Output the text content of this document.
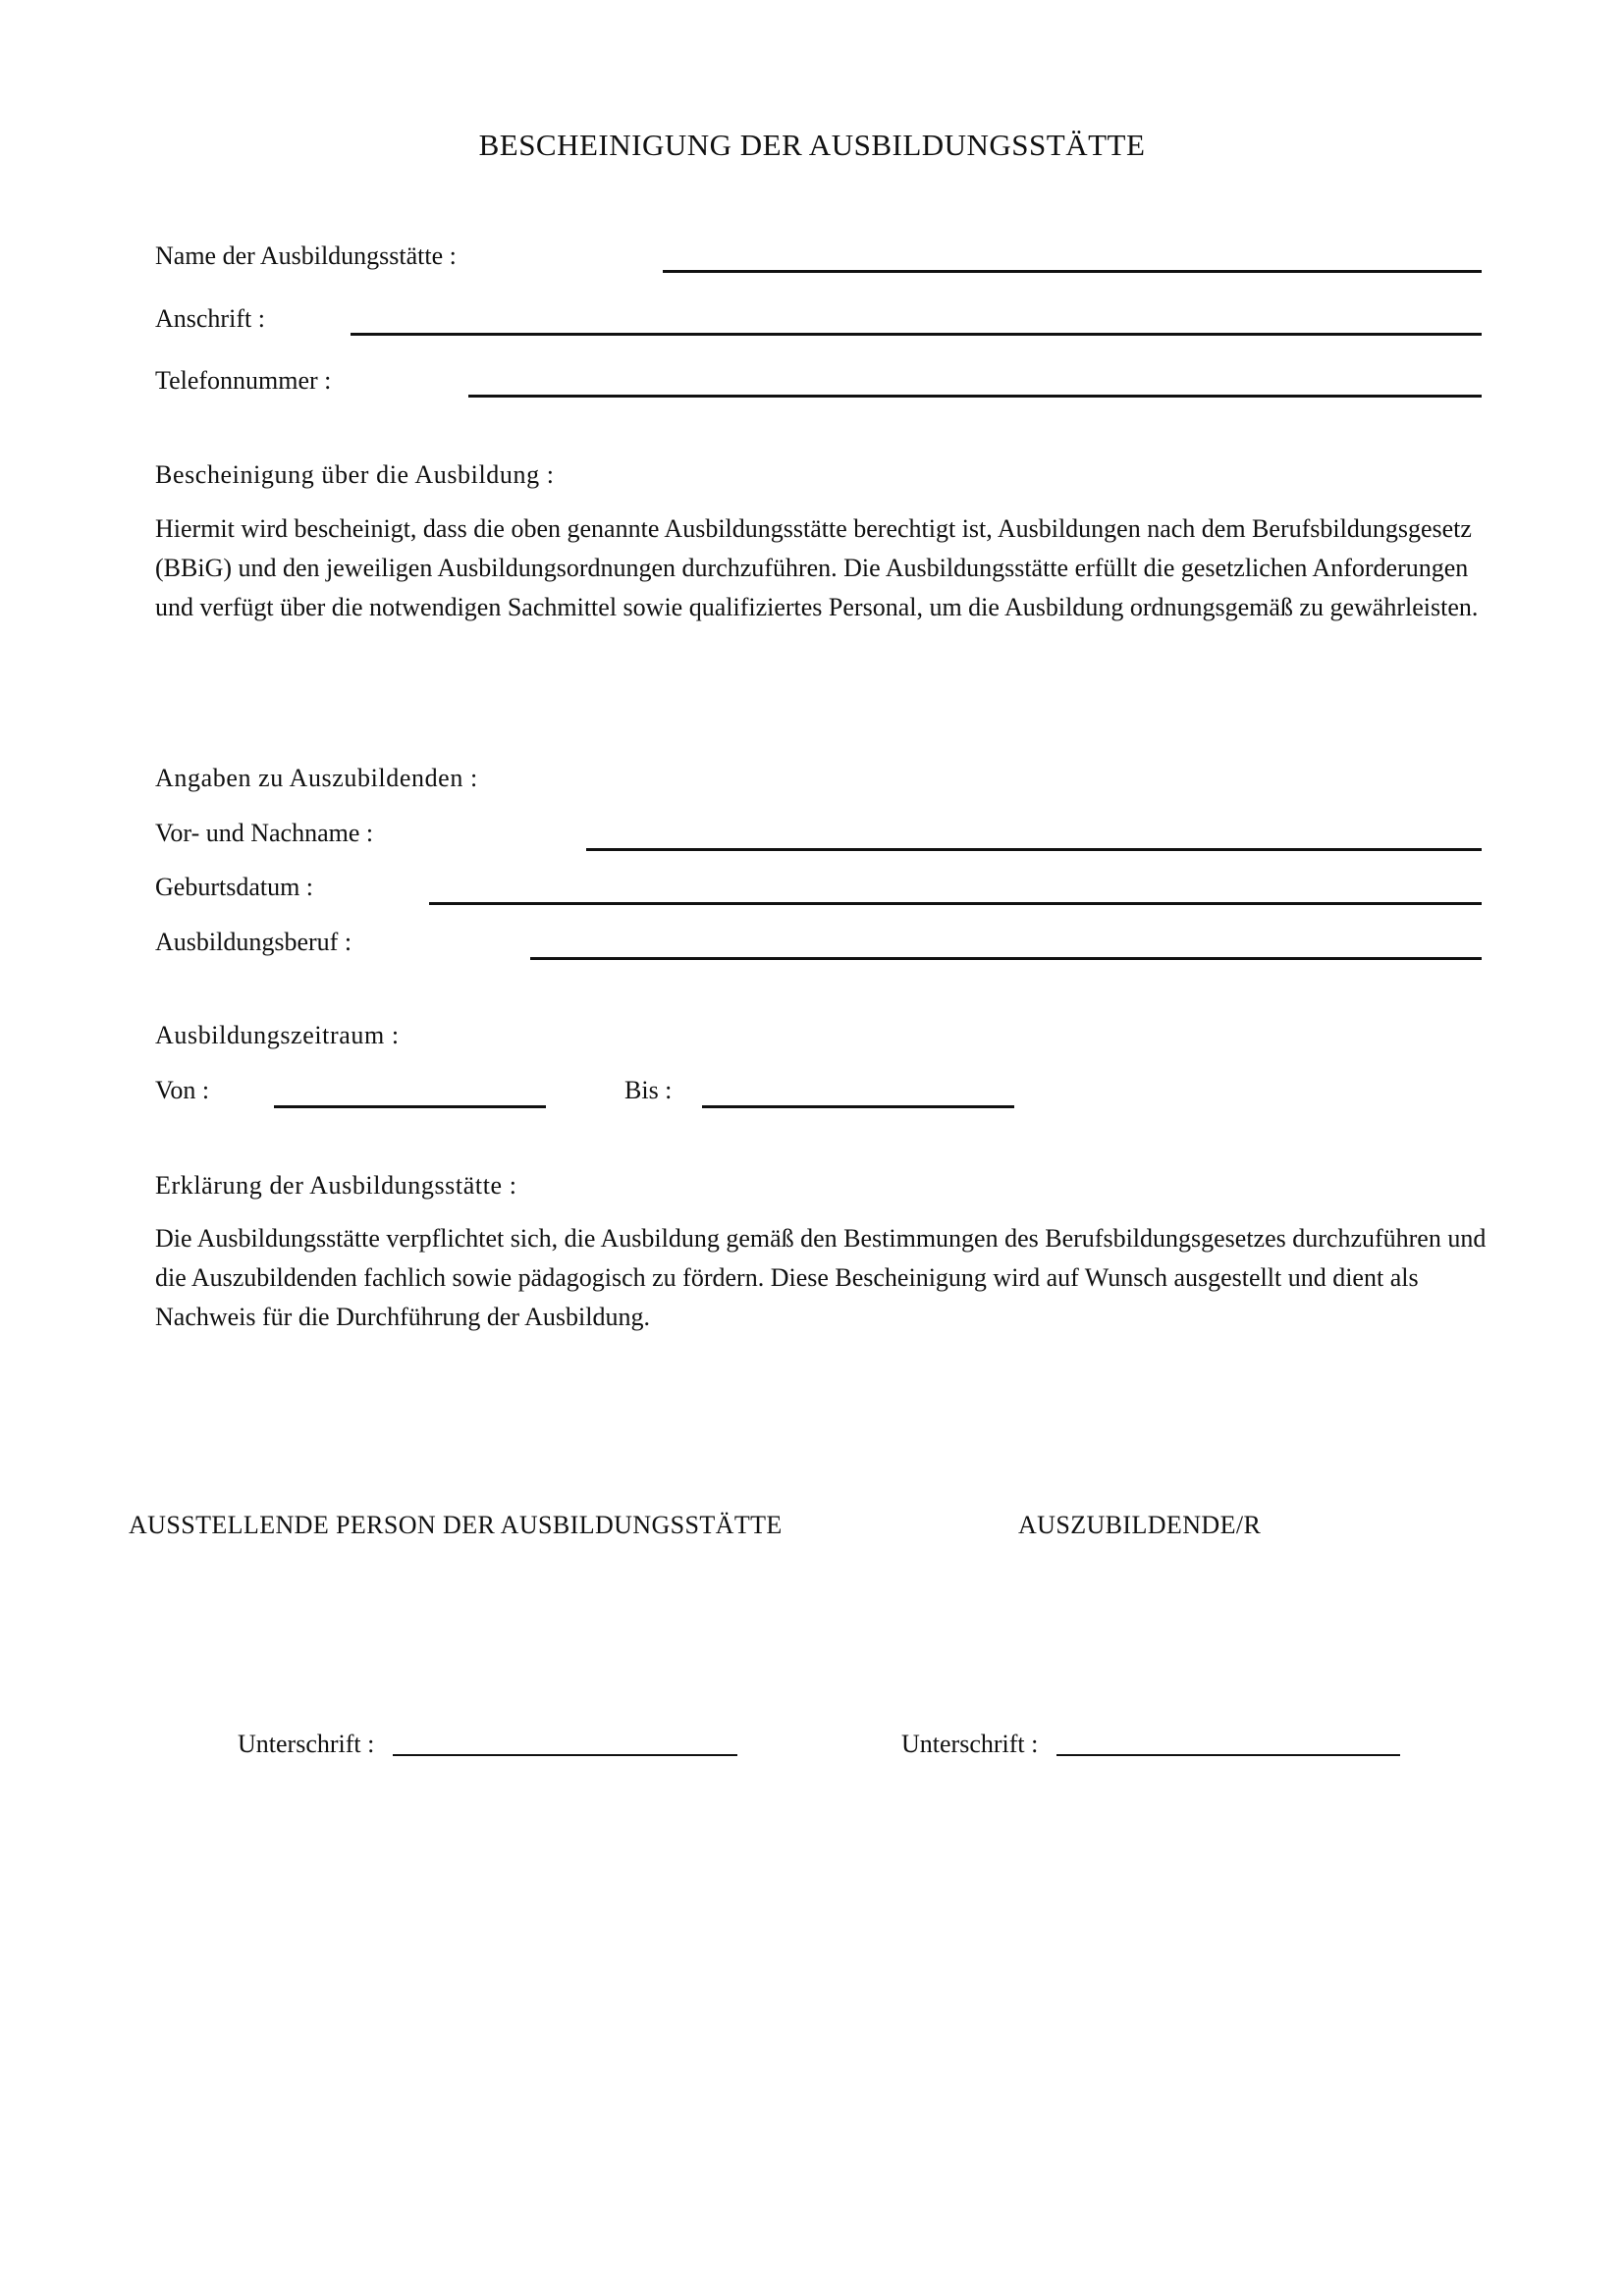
BESCHEINIGUNG DER AUSBILDUNGSSTÄTTE
Name der Ausbildungsstätte :
Anschrift :
Telefonnummer :
Bescheinigung über die Ausbildung :
Hiermit wird bescheinigt, dass die oben genannte Ausbildungsstätte berechtigt ist, Ausbildungen nach dem Berufsbildungsgesetz (BBiG) und den jeweiligen Ausbildungsordnungen durchzuführen. Die Ausbildungsstätte erfüllt die gesetzlichen Anforderungen und verfügt über die notwendigen Sachmittel sowie qualifiziertes Personal, um die Ausbildung ordnungsgemäß zu gewährleisten.
Angaben zu Auszubildenden :
Vor- und Nachname :
Geburtsdatum :
Ausbildungsberuf :
Ausbildungszeitraum :
Von :	Bis :
Erklärung der Ausbildungsstätte :
Die Ausbildungsstätte verpflichtet sich, die Ausbildung gemäß den Bestimmungen des Berufsbildungsgesetzes durchzuführen und die Auszubildenden fachlich sowie pädagogisch zu fördern. Diese Bescheinigung wird auf Wunsch ausgestellt und dient als Nachweis für die Durchführung der Ausbildung.
AUSSTELLENDE PERSON DER AUSBILDUNGSSTÄTTE	AUSZUBILDENDE/R
Unterschrift :	Unterschrift :
